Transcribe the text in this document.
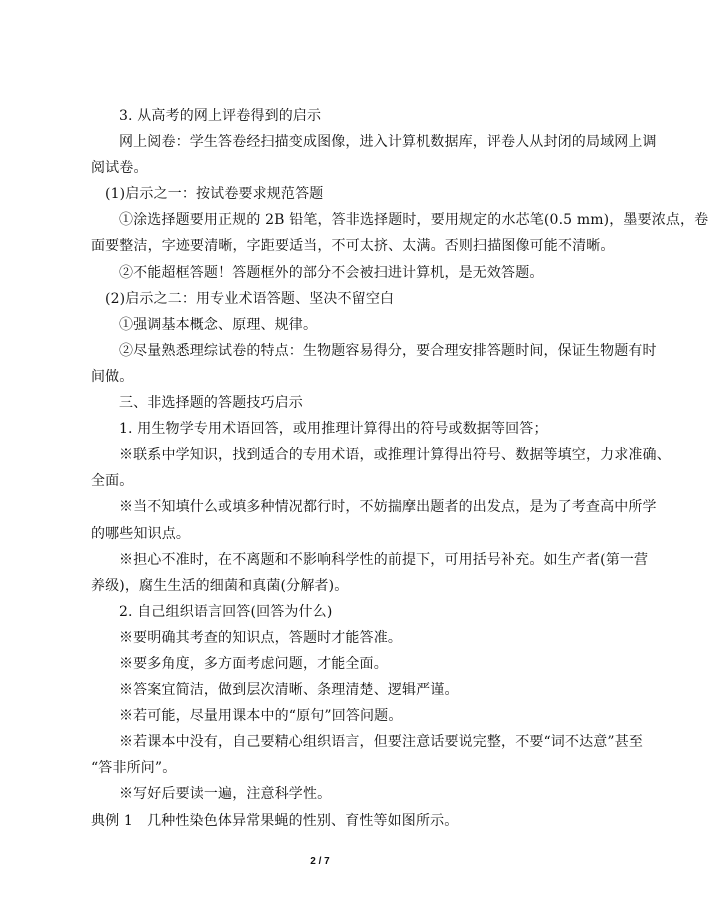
3. 从高考的网上评卷得到的启示
网上阅卷：学生答卷经扫描变成图像，进入计算机数据库，评卷人从封闭的局域网上调
阅试卷。
(1)启示之一：按试卷要求规范答题
①涂选择题要用正规的 2B 铅笔，答非选择题时，要用规定的水芯笔(0.5 mm)，墨要浓点，卷
面要整洁，字迹要清晰，字距要适当，不可太挤、太满。否则扫描图像可能不清晰。
②不能超框答题！答题框外的部分不会被扫进计算机，是无效答题。
(2)启示之二：用专业术语答题、坚决不留空白
①强调基本概念、原理、规律。
②尽量熟悉理综试卷的特点：生物题容易得分，要合理安排答题时间，保证生物题有时
间做。
三、非选择题的答题技巧启示
1. 用生物学专用术语回答，或用推理计算得出的符号或数据等回答；
※联系中学知识，找到适合的专用术语，或推理计算得出符号、数据等填空，力求准确、
全面。
※当不知填什么或填多种情况都行时，不妨揣摩出题者的出发点，是为了考查高中所学
的哪些知识点。
※担心不准时，在不离题和不影响科学性的前提下，可用括号补充。如生产者(第一营
养级)，腐生生活的细菌和真菌(分解者)。
2. 自己组织语言回答(回答为什么)
※要明确其考查的知识点，答题时才能答准。
※要多角度，多方面考虑问题，才能全面。
※答案宜简洁，做到层次清晰、条理清楚、逻辑严谨。
※若可能，尽量用课本中的“原句”回答问题。
※若课本中没有，自己要精心组织语言，但要注意话要说完整，不要“词不达意”甚至
“答非所问”。
※写好后要读一遍，注意科学性。
典例 1　几种性染色体异常果蝇的性别、育性等如图所示。
2 / 7
